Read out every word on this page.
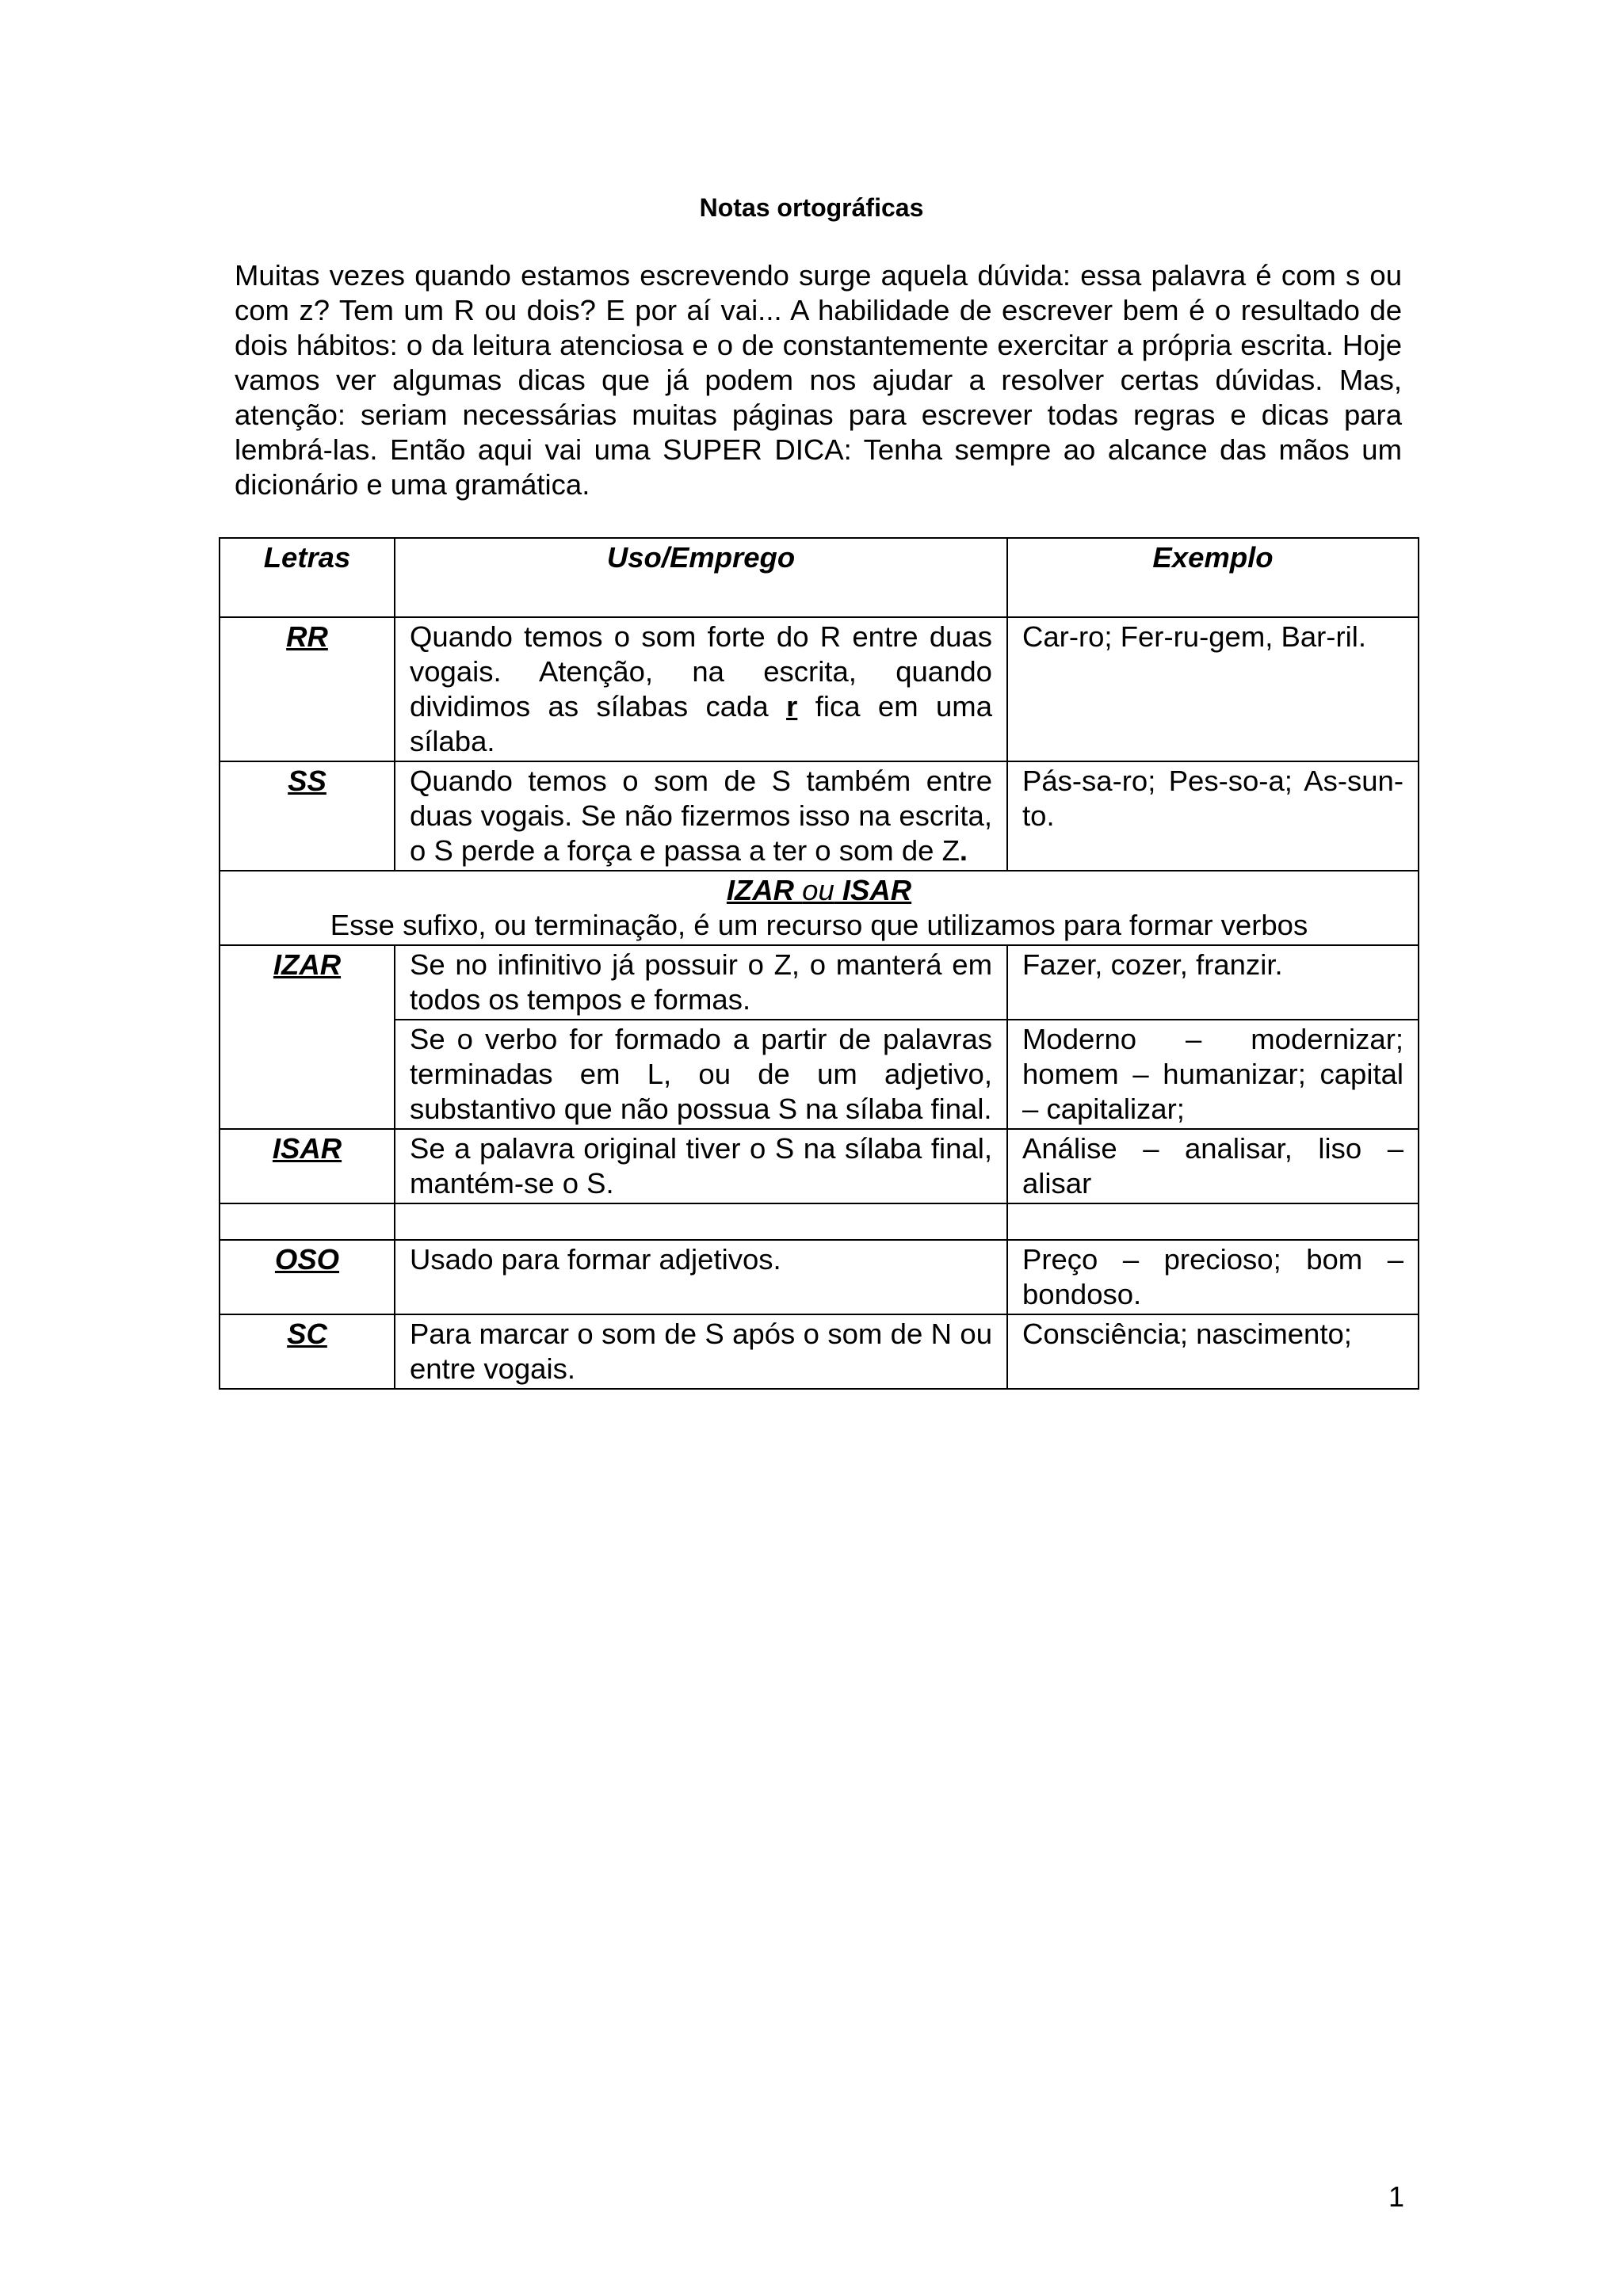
Notas ortográficas

Muitas vezes quando estamos escrevendo surge aquela dúvida: essa palavra é com s ou com z? Tem um R ou dois? E por aí vai... A habilidade de escrever bem é o resultado de dois hábitos: o da leitura atenciosa e o de constantemente exercitar a própria escrita. Hoje vamos ver algumas dicas que já podem nos ajudar a resolver certas dúvidas. Mas, atenção: seriam necessárias muitas páginas para escrever todas regras e dicas para lembrá-las. Então aqui vai uma SUPER DICA: Tenha sempre ao alcance das mãos um dicionário e uma gramática.

Letras	Uso/Emprego	Exemplo
RR	Quando temos o som forte do R entre duas vogais. Atenção, na escrita, quando dividimos as sílabas cada r fica em uma sílaba.	Car-ro; Fer-ru-gem, Bar-ril.
SS	Quando temos o som de S também entre duas vogais. Se não fizermos isso na escrita, o S perde a força e passa a ter o som de Z.	Pás-sa-ro; Pes-so-a; As-sun-to.

IZAR ou ISAR
Esse sufixo, ou terminação, é um recurso que utilizamos para formar verbos		

IZAR	Se no infinitivo já possuir o Z, o manterá em todos os tempos e formas.	Fazer, cozer, franzir.
	Se o verbo for formado a partir de palavras terminadas em L, ou de um adjetivo, substantivo que não possua S na sílaba final.	Moderno – modernizar; homem – humanizar; capital – capitalizar;
ISAR	Se a palavra original tiver o S na sílaba final, mantém-se o S.	Análise – analisar, liso – alisar

OSO	Usado para formar adjetivos.	Preço – precioso; bom – bondoso.
SC	Para marcar o som de S após o som de N ou entre vogais.	Consciência; nascimento;
1
